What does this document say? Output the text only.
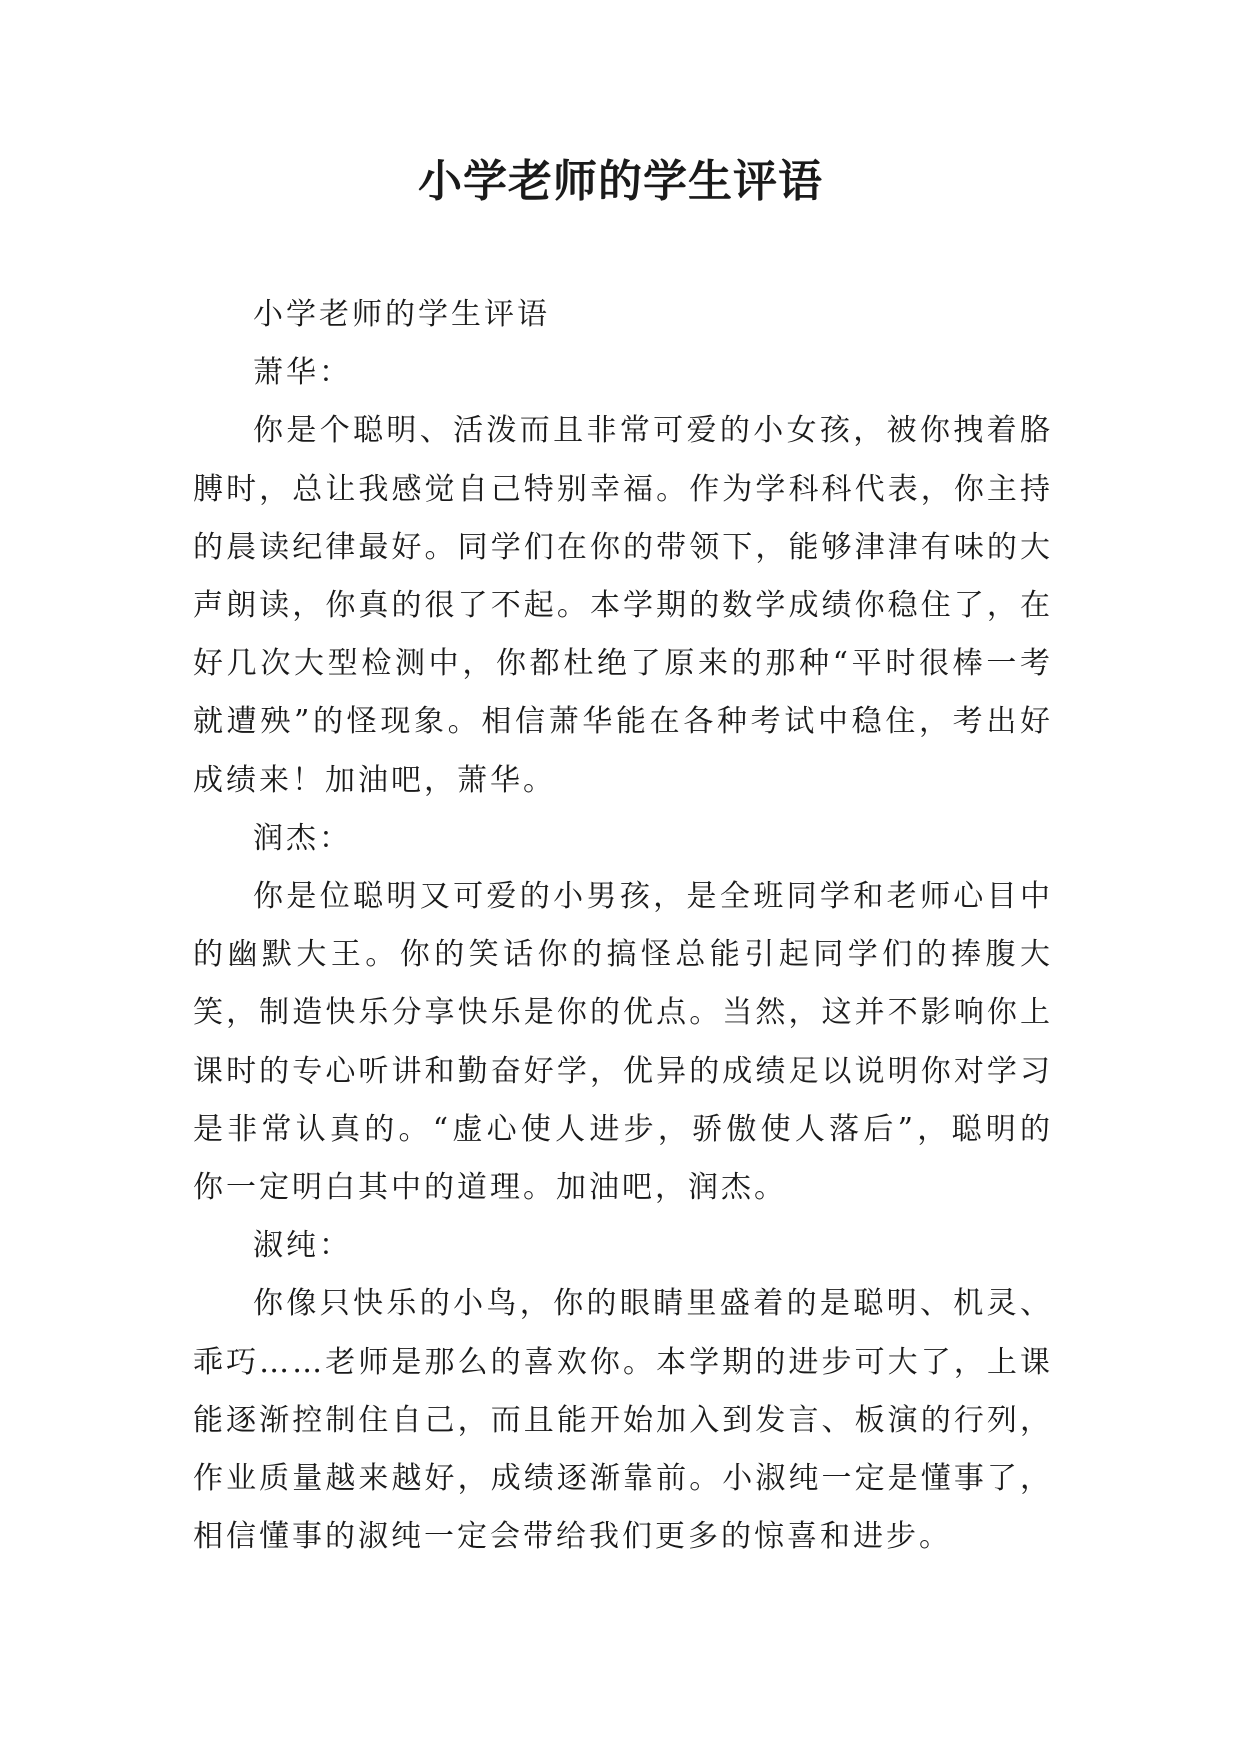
小学老师的学生评语

小学老师的学生评语

萧华：

你是个聪明、活泼而且非常可爱的小女孩，被你拽着胳膊时，总让我感觉自己特别幸福。作为学科科代表，你主持的晨读纪律最好。同学们在你的带领下，能够津津有味的大声朗读，你真的很了不起。本学期的数学成绩你稳住了，在好几次大型检测中，你都杜绝了原来的那种“平时很棒一考就遭殃”的怪现象。相信萧华能在各种考试中稳住，考出好成绩来！加油吧，萧华。

润杰：

你是位聪明又可爱的小男孩，是全班同学和老师心目中的幽默大王。你的笑话你的搞怪总能引起同学们的捧腹大笑，制造快乐分享快乐是你的优点。当然，这并不影响你上课时的专心听讲和勤奋好学，优异的成绩足以说明你对学习是非常认真的。“虚心使人进步，骄傲使人落后”，聪明的你一定明白其中的道理。加油吧，润杰。

淑纯：

你像只快乐的小鸟，你的眼睛里盛着的是聪明、机灵、乖巧……老师是那么的喜欢你。本学期的进步可大了，上课能逐渐控制住自己，而且能开始加入到发言、板演的行列，作业质量越来越好，成绩逐渐靠前。小淑纯一定是懂事了，相信懂事的淑纯一定会带给我们更多的惊喜和进步。
